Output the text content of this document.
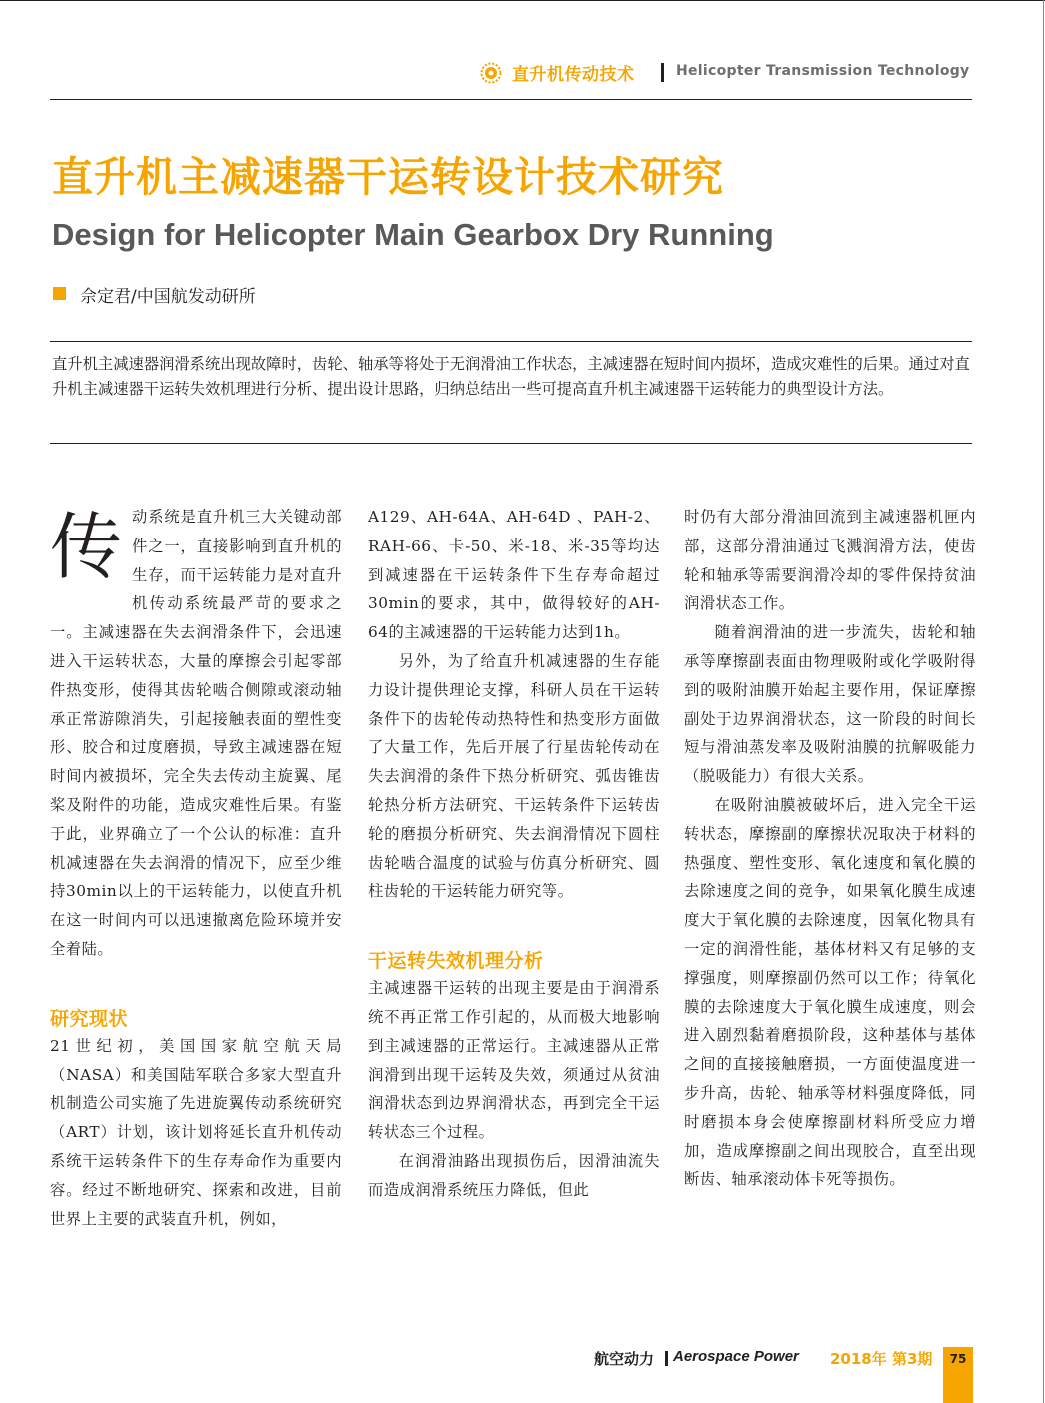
直升机传动技术	Helicopter Transmission Technology
直升机主减速器干运转设计技术研究
Design for Helicopter Main Gearbox Dry Running
佘定君/中国航发动研所
直升机主减速器润滑系统出现故障时，齿轮、轴承等将处于无润滑油工作状态，主减速器在短时间内损坏，造成灾难性的后果。通过对直升机主减速器干运转失效机理进行分析、提出设计思路，归纳总结出一些可提高直升机主减速器干运转能力的典型设计方法。

传动系统是直升机三大关键动部件之一，直接影响到直升机的生存，而干运转能力是对直升机传动系统最严苛的要求之一。主减速器在失去润滑条件下，会迅速进入干运转状态，大量的摩擦会引起零部件热变形，使得其齿轮啮合侧隙或滚动轴承正常游隙消失，引起接触表面的塑性变形、胶合和过度磨损，导致主减速器在短时间内被损坏，完全失去传动主旋翼、尾桨及附件的功能，造成灾难性后果。有鉴于此，业界确立了一个公认的标准：直升机减速器在失去润滑的情况下，应至少维持30min以上的干运转能力，以使直升机在这一时间内可以迅速撤离危险环境并安全着陆。

研究现状

21世纪初，美国国家航空航天局（NASA）和美国陆军联合多家大型直升机制造公司实施了先进旋翼传动系统研究（ART）计划，该计划将延长直升机传动系统干运转条件下的生存寿命作为重要内容。经过不断地研究、探索和改进，目前世界上主要的武装直升机，例如，

A129、AH-64A、AH-64D 、PAH-2、RAH-66、卡-50、米-18、米-35等均达到减速器在干运转条件下生存寿命超过30min的要求，其中，做得较好的AH-64的主减速器的干运转能力达到1h。

另外，为了给直升机减速器的生存能力设计提供理论支撑，科研人员在干运转条件下的齿轮传动热特性和热变形方面做了大量工作，先后开展了行星齿轮传动在失去润滑的条件下热分析研究、弧齿锥齿轮热分析方法研究、干运转条件下运转齿轮的磨损分析研究、失去润滑情况下圆柱齿轮啮合温度的试验与仿真分析研究、圆柱齿轮的干运转能力研究等。

干运转失效机理分析

主减速器干运转的出现主要是由于润滑系统不再正常工作引起的，从而极大地影响到主减速器的正常运行。主减速器从正常润滑到出现干运转及失效，须通过从贫油润滑状态到边界润滑状态，再到完全干运转状态三个过程。

在润滑油路出现损伤后，因滑油流失而造成润滑系统压力降低，但此

时仍有大部分滑油回流到主减速器机匣内部，这部分滑油通过飞溅润滑方法，使齿轮和轴承等需要润滑冷却的零件保持贫油润滑状态工作。

随着润滑油的进一步流失，齿轮和轴承等摩擦副表面由物理吸附或化学吸附得到的吸附油膜开始起主要作用，保证摩擦副处于边界润滑状态，这一阶段的时间长短与滑油蒸发率及吸附油膜的抗解吸能力（脱吸能力）有很大关系。

在吸附油膜被破坏后，进入完全干运转状态，摩擦副的摩擦状况取决于材料的热强度、塑性变形、氧化速度和氧化膜的去除速度之间的竞争，如果氧化膜生成速度大于氧化膜的去除速度，因氧化物具有一定的润滑性能，基体材料又有足够的支撑强度，则摩擦副仍然可以工作；待氧化膜的去除速度大于氧化膜生成速度，则会进入剧烈黏着磨损阶段，这种基体与基体之间的直接接触磨损，一方面使温度进一步升高，齿轮、轴承等材料强度降低，同时磨损本身会使摩擦副材料所受应力增加，造成摩擦副之间出现胶合，直至出现断齿、轴承滚动体卡死等损伤。

航空动力 Aerospace Power 2018年 第3期	75
